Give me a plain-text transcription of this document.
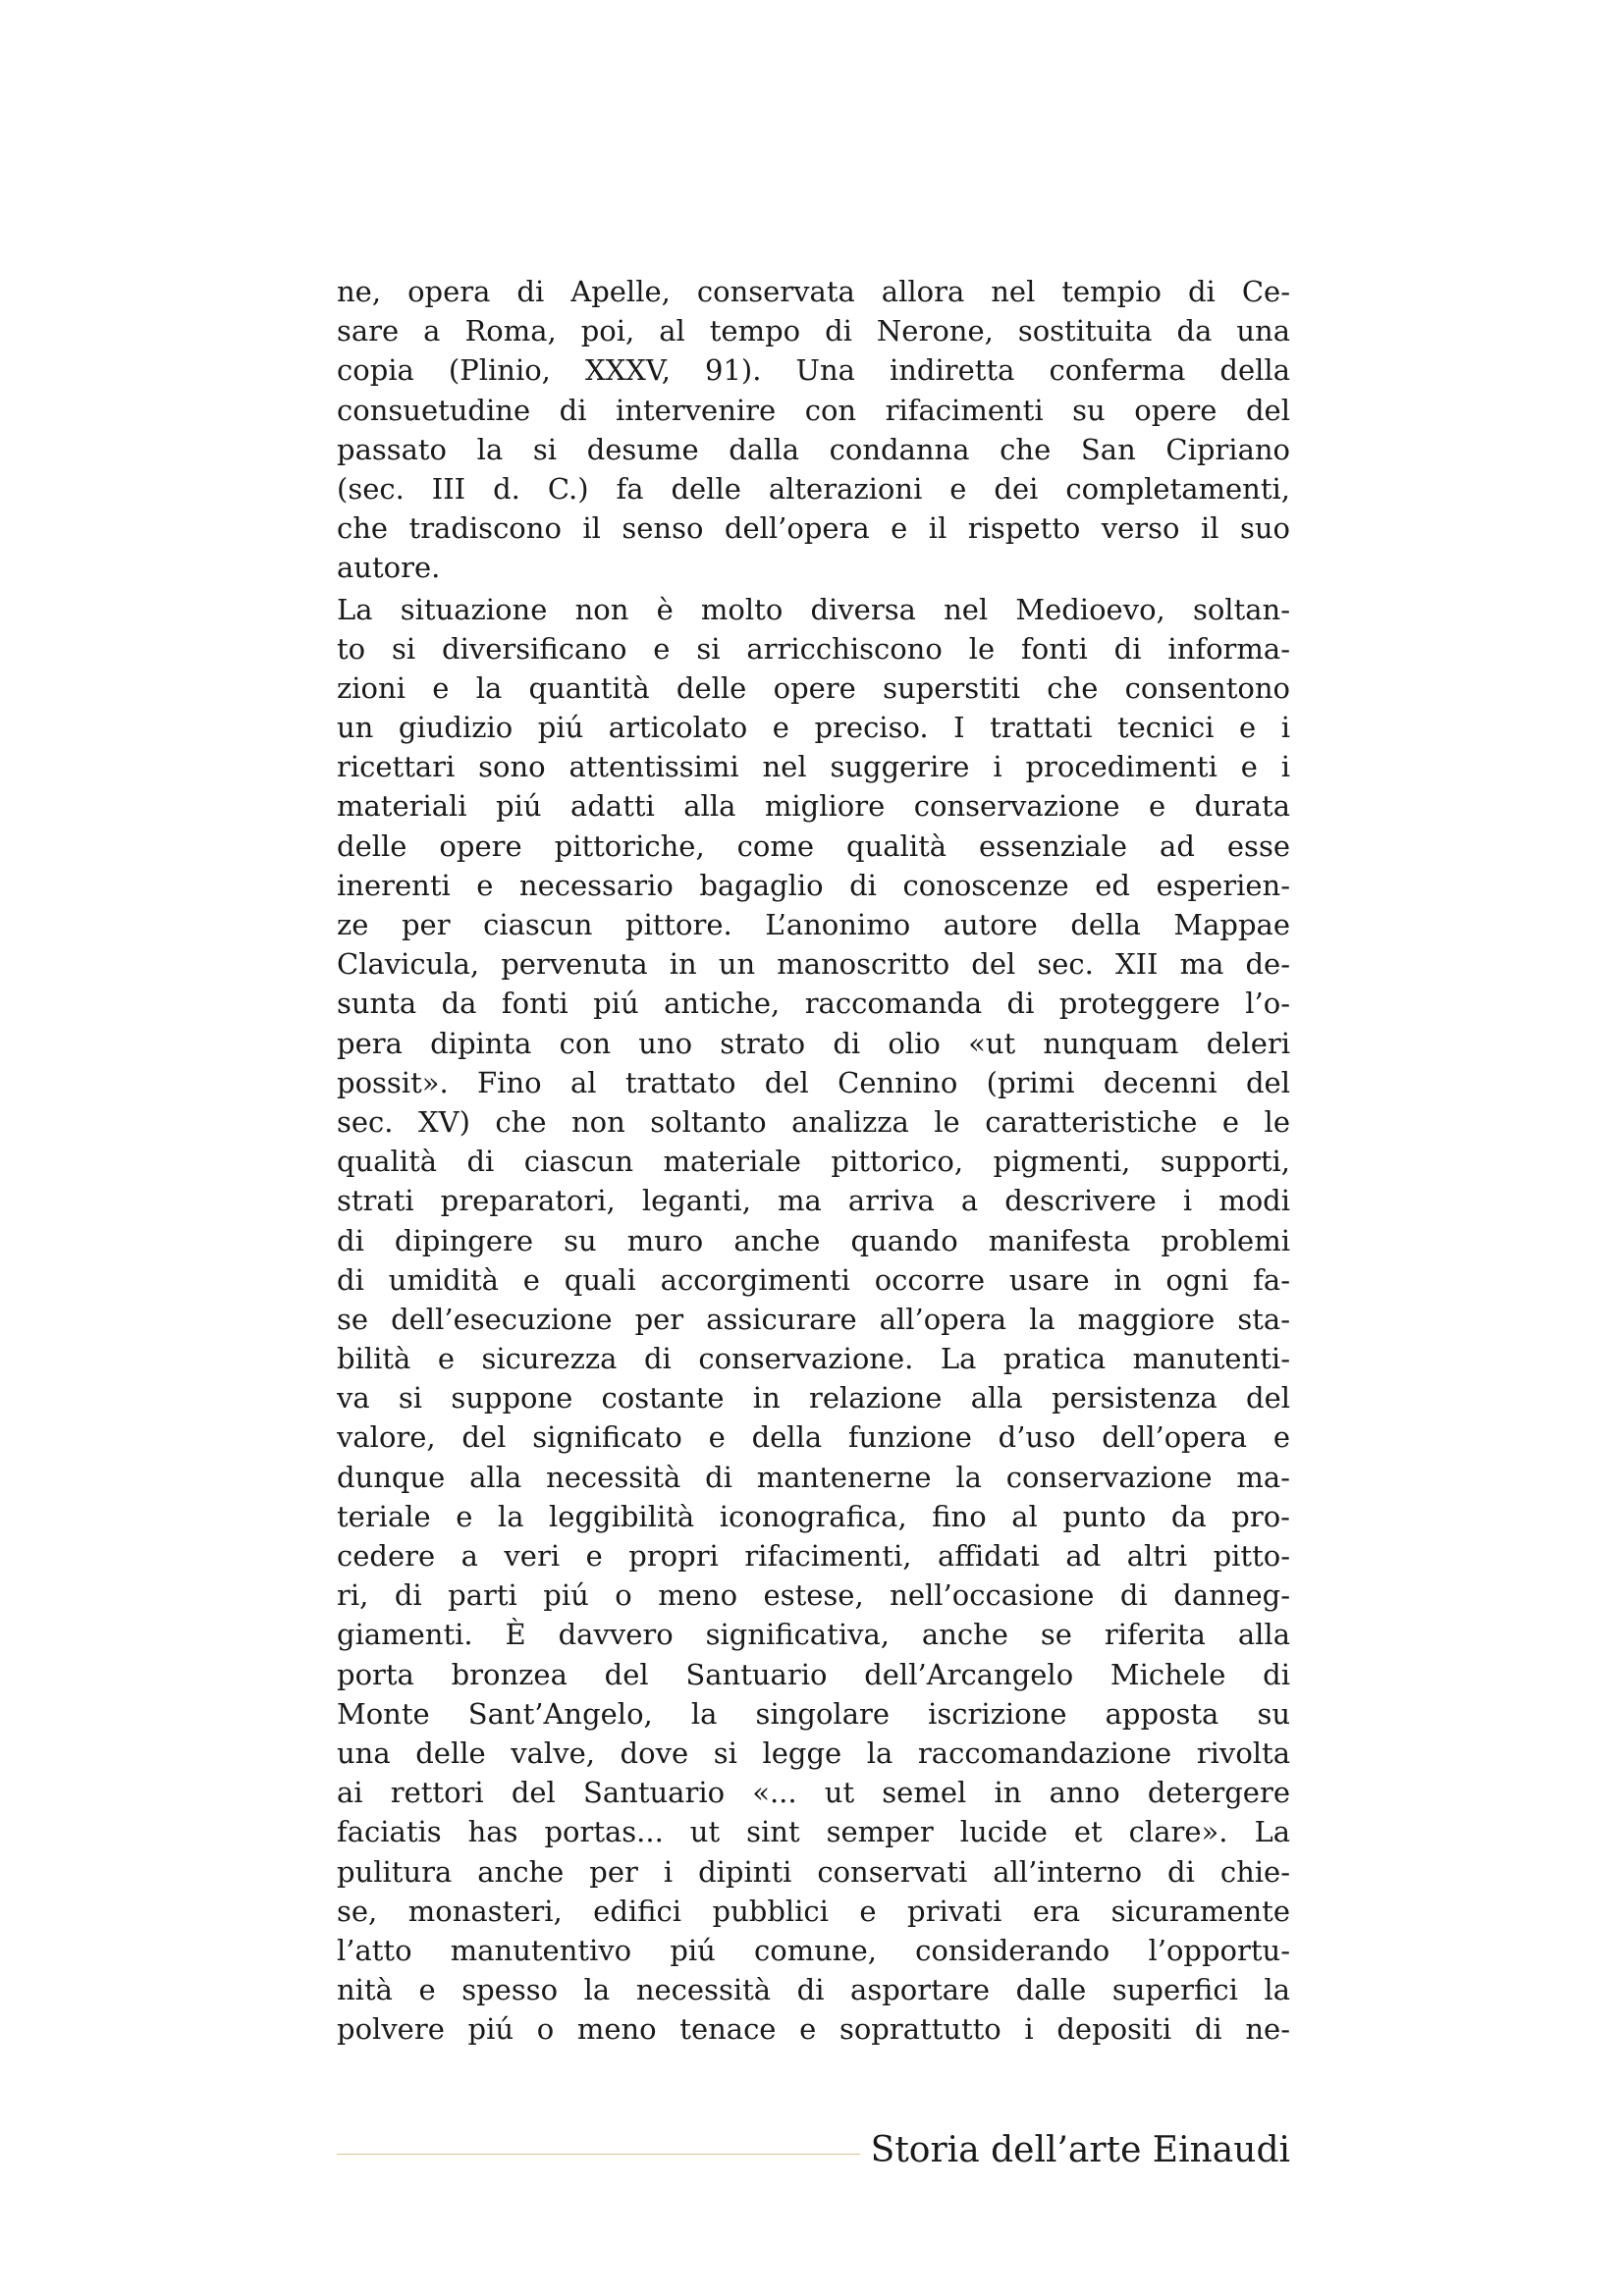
ne, opera di Apelle, conservata allora nel tempio di Ce-
sare a Roma, poi, al tempo di Nerone, sostituita da una
copia (Plinio, XXXV, 91). Una indiretta conferma della
consuetudine di intervenire con rifacimenti su opere del
passato la si desume dalla condanna che San Cipriano
(sec. III d. C.) fa delle alterazioni e dei completamenti,
che tradiscono il senso dell’opera e il rispetto verso il suo
autore.
La situazione non è molto diversa nel Medioevo, soltan-
to si diversificano e si arricchiscono le fonti di informa-
zioni e la quantità delle opere superstiti che consentono
un giudizio piú articolato e preciso. I trattati tecnici e i
ricettari sono attentissimi nel suggerire i procedimenti e i
materiali piú adatti alla migliore conservazione e durata
delle opere pittoriche, come qualità essenziale ad esse
inerenti e necessario bagaglio di conoscenze ed esperien-
ze per ciascun pittore. L’anonimo autore della Mappae
Clavicula, pervenuta in un manoscritto del sec. XII ma de-
sunta da fonti piú antiche, raccomanda di proteggere l’o-
pera dipinta con uno strato di olio «ut nunquam deleri
possit». Fino al trattato del Cennino (primi decenni del
sec. XV) che non soltanto analizza le caratteristiche e le
qualità di ciascun materiale pittorico, pigmenti, supporti,
strati preparatori, leganti, ma arriva a descrivere i modi
di dipingere su muro anche quando manifesta problemi
di umidità e quali accorgimenti occorre usare in ogni fa-
se dell’esecuzione per assicurare all’opera la maggiore sta-
bilità e sicurezza di conservazione. La pratica manutenti-
va si suppone costante in relazione alla persistenza del
valore, del significato e della funzione d’uso dell’opera e
dunque alla necessità di mantenerne la conservazione ma-
teriale e la leggibilità iconografica, fino al punto da pro-
cedere a veri e propri rifacimenti, affidati ad altri pitto-
ri, di parti piú o meno estese, nell’occasione di danneg-
giamenti. È davvero significativa, anche se riferita alla
porta bronzea del Santuario dell’Arcangelo Michele di
Monte Sant’Angelo, la singolare iscrizione apposta su
una delle valve, dove si legge la raccomandazione rivolta
ai rettori del Santuario «... ut semel in anno detergere
faciatis has portas... ut sint semper lucide et clare». La
pulitura anche per i dipinti conservati all’interno di chie-
se, monasteri, edifici pubblici e privati era sicuramente
l’atto manutentivo piú comune, considerando l’opportu-
nità e spesso la necessità di asportare dalle superfici la
polvere piú o meno tenace e soprattutto i depositi di ne-
Storia dell’arte Einaudi
